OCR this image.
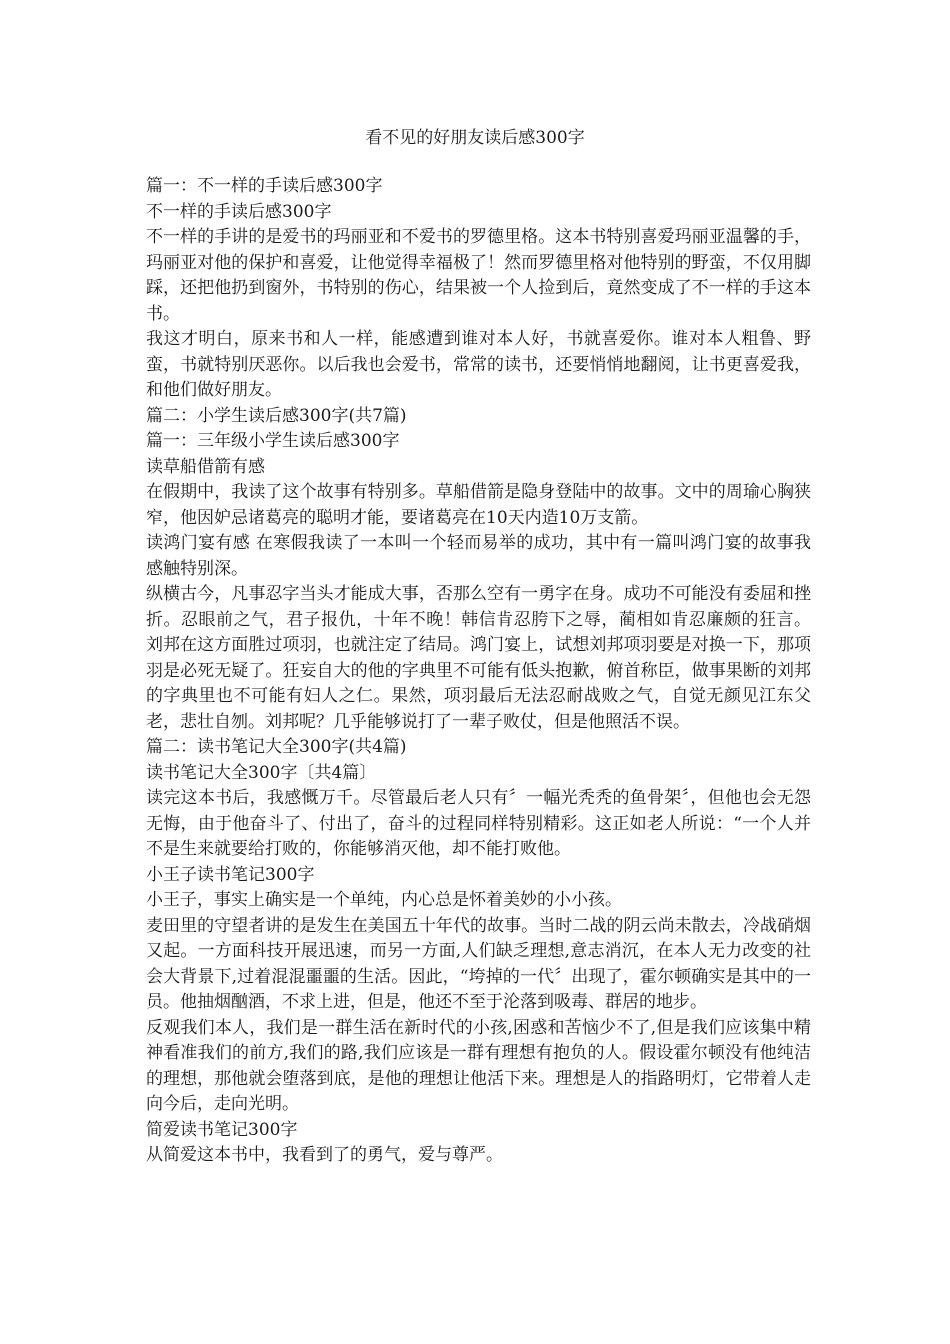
看不见的好朋友读后感300字

篇一：不一样的手读后感300字

不一样的手读后感300字

不一样的手讲的是爱书的玛丽亚和不爱书的罗德里格。这本书特别喜爱玛丽亚温馨的手，玛丽亚对他的保护和喜爱，让他觉得幸福极了！然而罗德里格对他特别的野蛮，不仅用脚踩，还把他扔到窗外，书特别的伤心，结果被一个人捡到后，竟然变成了不一样的手这本书。

我这才明白，原来书和人一样，能感遭到谁对本人好，书就喜爱你。谁对本人粗鲁、野蛮，书就特别厌恶你。以后我也会爱书，常常的读书，还要悄悄地翻阅，让书更喜爱我，和他们做好朋友。

篇二：小学生读后感300字(共7篇)

篇一：三年级小学生读后感300字

读草船借箭有感

在假期中，我读了这个故事有特别多。草船借箭是隐身登陆中的故事。文中的周瑜心胸狭窄，他因妒忌诸葛亮的聪明才能，要诸葛亮在10天内造10万支箭。

读鸿门宴有感 在寒假我读了一本叫一个轻而易举的成功，其中有一篇叫鸿门宴的故事我感触特别深。

纵横古今，凡事忍字当头才能成大事，否那么空有一勇字在身。成功不可能没有委屈和挫折。忍眼前之气，君子报仇，十年不晚！韩信肯忍胯下之辱，蔺相如肯忍廉颇的狂言。 刘邦在这方面胜过项羽，也就注定了结局。鸿门宴上，试想刘邦项羽要是对换一下，那项羽是必死无疑了。狂妄自大的他的字典里不可能有低头抱歉，俯首称臣，做事果断的刘邦的字典里也不可能有妇人之仁。果然，项羽最后无法忍耐战败之气，自觉无颜见江东父老，悲壮自刎。刘邦呢？几乎能够说打了一辈子败仗，但是他照活不误。

篇二：读书笔记大全300字(共4篇)

读书笔记大全300字〔共4篇〕

读完这本书后，我感慨万千。尽管最后老人只有〞一幅光秃秃的鱼骨架〞，但他也会无怨无悔，由于他奋斗了、付出了，奋斗的过程同样特别精彩。这正如老人所说：“一个人并不是生来就要给打败的，你能够消灭他，却不能打败他。

小王子读书笔记300字

小王子，事实上确实是一个单纯，内心总是怀着美妙的小小孩。

麦田里的守望者讲的是发生在美国五十年代的故事。当时二战的阴云尚未散去，冷战硝烟又起。一方面科技开展迅速，而另一方面,人们缺乏理想,意志消沉，在本人无力改变的社会大背景下,过着混混噩噩的生活。因此，“垮掉的一代〞出现了，霍尔顿确实是其中的一员。他抽烟酗酒，不求上进，但是，他还不至于沦落到吸毒、群居的地步。

反观我们本人，我们是一群生活在新时代的小孩,困惑和苦恼少不了,但是我们应该集中精神看准我们的前方,我们的路,我们应该是一群有理想有抱负的人。假设霍尔顿没有他纯洁的理想，那他就会堕落到底，是他的理想让他活下来。理想是人的指路明灯，它带着人走向今后，走向光明。

简爱读书笔记300字

从简爱这本书中，我看到了的勇气，爱与尊严。
